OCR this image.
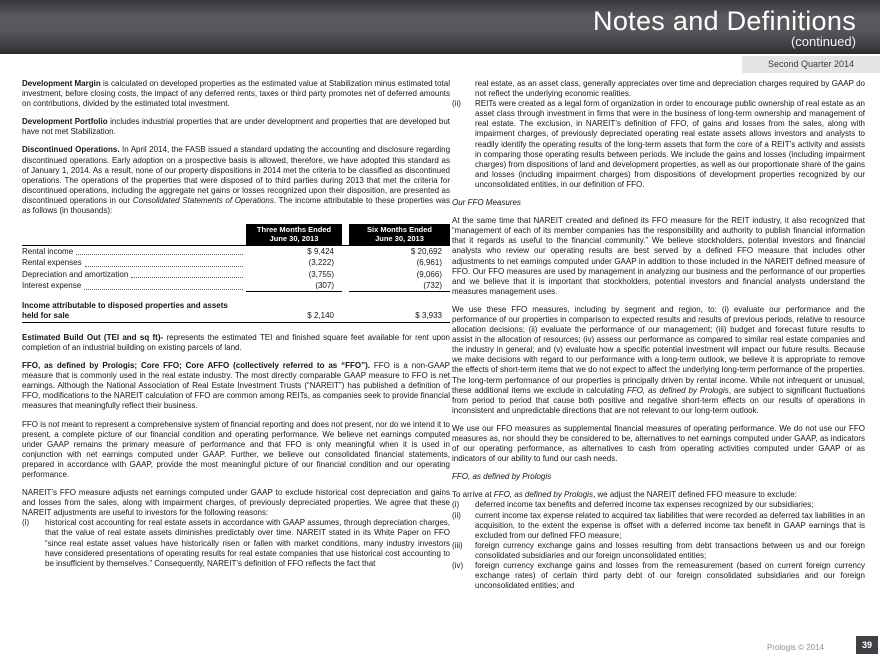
Notes and Definitions
(continued)
Second Quarter 2014

Development Margin is calculated on developed properties as the estimated value at Stabilization minus estimated total investment, before closing costs, the impact of any deferred rents, taxes or third party promotes net of deferred amounts on contributions, divided by the estimated total investment.

Development Portfolio includes industrial properties that are under development and properties that are developed but have not met Stabilization.

Discontinued Operations. In April 2014, the FASB issued a standard updating the accounting and disclosure regarding discontinued operations. Early adoption on a prospective basis is allowed, therefore, we have adopted this standard as of January 1, 2014. As a result, none of our property dispositions in 2014 met the criteria to be classified as discontinued operations. The operations of the properties that were disposed of to third parties during 2013 that met the criteria for discontinued operations, including the aggregate net gains or losses recognized upon their disposition, are presented as discontinued operations in our Consolidated Statements of Operations. The income attributable to these properties was as follows (in thousands):

Three Months Ended
June 30, 2013
Six Months Ended
June 30, 2013
Rental income	$ 9,424	$ 20,692
Rental expenses	(3,222)	(6,961)
Depreciation and amortization	(3,755)	(9,066)
Interest expense	(307)	(732)
Income attributable to disposed properties and assets held for sale	$ 2,140	$ 3,933

Estimated Build Out (TEI and sq ft)- represents the estimated TEI and finished square feet available for rent upon completion of an industrial building on existing parcels of land.

FFO, as defined by Prologis; Core FFO; Core AFFO (collectively referred to as “FFO”). FFO is a non-GAAP measure that is commonly used in the real estate industry. The most directly comparable GAAP measure to FFO is net earnings. Although the National Association of Real Estate Investment Trusts (“NAREIT”) has published a definition of FFO, modifications to the NAREIT calculation of FFO are common among REITs, as companies seek to provide financial measures that meaningfully reflect their business.

FFO is not meant to represent a comprehensive system of financial reporting and does not present, nor do we intend it to present, a complete picture of our financial condition and operating performance. We believe net earnings computed under GAAP remains the primary measure of performance and that FFO is only meaningful when it is used in conjunction with net earnings computed under GAAP. Further, we believe our consolidated financial statements, prepared in accordance with GAAP, provide the most meaningful picture of our financial condition and our operating performance.

NAREIT’s FFO measure adjusts net earnings computed under GAAP to exclude historical cost depreciation and gains and losses from the sales, along with impairment charges, of previously depreciated properties. We agree that these NAREIT adjustments are useful to investors for the following reasons:

(i)	historical cost accounting for real estate assets in accordance with GAAP assumes, through depreciation charges, that the value of real estate assets diminishes predictably over time. NAREIT stated in its White Paper on FFO “since real estate asset values have historically risen or fallen with market conditions, many industry investors have considered presentations of operating results for real estate companies that use historical cost accounting to be insufficient by themselves.” Consequently, NAREIT’s definition of FFO reflects the fact that

real estate, as an asset class, generally appreciates over time and depreciation charges required by GAAP do not reflect the underlying economic realities.

(ii)	REITs were created as a legal form of organization in order to encourage public ownership of real estate as an asset class through investment in firms that were in the business of long-term ownership and management of real estate. The exclusion, in NAREIT’s definition of FFO, of gains and losses from the sales, along with impairment charges, of previously depreciated operating real estate assets allows investors and analysts to readily identify the operating results of the long-term assets that form the core of a REIT’s activity and assists in comparing those operating results between periods. We include the gains and losses (including impairment charges) from dispositions of land and development properties, as well as our proportionate share of the gains and losses (including impairment charges) from dispositions of development properties recognized by our unconsolidated entities, in our definition of FFO.

Our FFO Measures

At the same time that NAREIT created and defined its FFO measure for the REIT industry, it also recognized that “management of each of its member companies has the responsibility and authority to publish financial information that it regards as useful to the financial community.” We believe stockholders, potential investors and financial analysts who review our operating results are best served by a defined FFO measure that includes other adjustments to net earnings computed under GAAP in addition to those included in the NAREIT defined measure of FFO. Our FFO measures are used by management in analyzing our business and the performance of our properties and we believe that it is important that stockholders, potential investors and financial analysts understand the measures management uses.

We use these FFO measures, including by segment and region, to: (i) evaluate our performance and the performance of our properties in comparison to expected results and results of previous periods, relative to resource allocation decisions; (ii) evaluate the performance of our management; (iii) budget and forecast future results to assist in the allocation of resources; (iv) assess our performance as compared to similar real estate companies and the industry in general; and (v) evaluate how a specific potential investment will impact our future results. Because we make decisions with regard to our performance with a long-term outlook, we believe it is appropriate to remove the effects of short-term items that we do not expect to affect the underlying long-term performance of the properties. The long-term performance of our properties is principally driven by rental income. While not infrequent or unusual, these additional items we exclude in calculating FFO, as defined by Prologis, are subject to significant fluctuations from period to period that cause both positive and negative short-term effects on our results of operations in inconsistent and unpredictable directions that are not relevant to our long-term outlook.

We use our FFO measures as supplemental financial measures of operating performance. We do not use our FFO measures as, nor should they be considered to be, alternatives to net earnings computed under GAAP, as indicators of our operating performance, as alternatives to cash from operating activities computed under GAAP or as indicators of our ability to fund our cash needs.

FFO, as defined by Prologis

To arrive at FFO, as defined by Prologis, we adjust the NAREIT defined FFO measure to exclude:

(i)	deferred income tax benefits and deferred income tax expenses recognized by our subsidiaries;
(ii)	current income tax expense related to acquired tax liabilities that were recorded as deferred tax liabilities in an acquisition, to the extent the expense is offset with a deferred income tax benefit in GAAP earnings that is excluded from our defined FFO measure;
(iii)	foreign currency exchange gains and losses resulting from debt transactions between us and our foreign consolidated subsidiaries and our foreign unconsolidated entities;
(iv)	foreign currency exchange gains and losses from the remeasurement (based on current foreign currency exchange rates) of certain third party debt of our foreign consolidated subsidiaries and our foreign unconsolidated entities; and
Prologis © 2014	39
